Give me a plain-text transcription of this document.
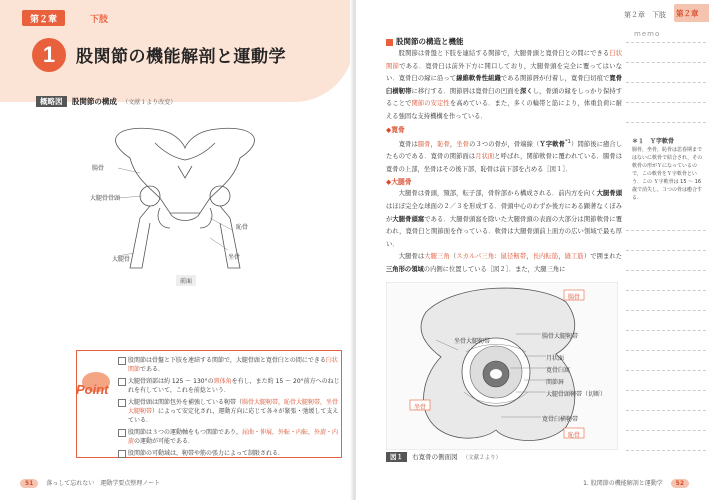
第２章	下肢
1	股関節の機能解剖と運動学
概略図 股関節の構成 （文献１より改変）
腸骨
大腿骨骨頭
恥骨
大腿骨	坐骨
前面
Point
股関節は骨盤と下肢を連結する関節で，大腿骨頭と寛骨臼との間にできる臼状関節である．
大腿骨頸部は約 125 ～ 130°の頸体角を有し，また約 15 ～ 20°前方へのねじれを有していて，これを前捻という．
大腿骨頭は関節包外を補強している靭帯（腸骨大腿靭帯，恥骨大腿靭帯，坐骨大腿靭帯）によって安定化され，運動方向に応じて各々が緊張・弛緩して支えている．
股関節は３つの運動軸をもつ関節であり，屈曲・伸展，外転・内転，外旋・内旋の運動が可能である．
股関節の可動域は，靭帯や筋の張力によって制限される．
51 落っして忘れない　運動学要点整理ノート
第２章　下肢 第２章
股関節の構造と機能

　股関節は骨盤と下肢を連結する関節で，大腿骨頭と寛骨臼との間にできる臼状関節である．寛骨臼は前外下方に開口しており，大腿骨頭を完全に覆ってはいない．寛骨臼の縁に沿って線維軟骨性組織である関節唇が付着し，寛骨臼切痕で寛骨臼横靭帯に移行する．関節唇は寛骨臼の凹面を深くし，骨頭の縁をしっかり保持することで関節の安定性を高めている．また，多くの輪帯と筋により，体重負荷に耐える強固な支持機構を作っている．

◆寛骨

　寛骨は腸骨，恥骨，坐骨の３つの骨が，骨端線（Ｙ字軟骨$^{*1}$）間節後に癒合したものである．寛骨の関節面は月状面と呼ばれ，関節軟骨に覆われている．腸骨は寛骨の上部，坐骨はその後下部，恥骨は前下部を占める［図１］．

◆大腿骨

　大腿骨は骨頭，頸部，転子部，骨幹部から構成される．前内方を向く大腿骨頭はほぼ完全な球面の２／３を形成する．骨頭中心のわずか後方にある顕著なくぼみが大腿骨頭窩である．大腿骨頭窩を除いた大腿骨頭の表面の大部分は関節軟骨に覆われ，寛骨臼と関節面を作っている．軟骨は大腿骨頭前上面方の広い領域で最も厚い．

　大腿骨は大腿三角（スカルパ三角：鼠径靭帯，長内転筋，縫工筋）で囲まれた三角形の領域の内側に位置している［図２］．また，大腿三角に

腸骨
腸骨大腿靭帯
坐骨大腿靭帯
月状面
寛骨臼窩
関節唇
大腿骨頭靭帯（切断）
寛骨臼横靭帯
坐骨
恥骨
図１ 右寛骨の側面図 （文献２より）
memo
＊１　Ｙ字軟骨
腸骨，坐骨，恥骨は思春期まではないに軟骨で結合され，その軟骨の形がＹになっているので，この軟骨をＹ字軟骨という．この Ｙ字軟骨は 15 ～ 16 歳で消失し，３つの骨は癒合する．
1. 股関節の機能解剖と運動学 52
